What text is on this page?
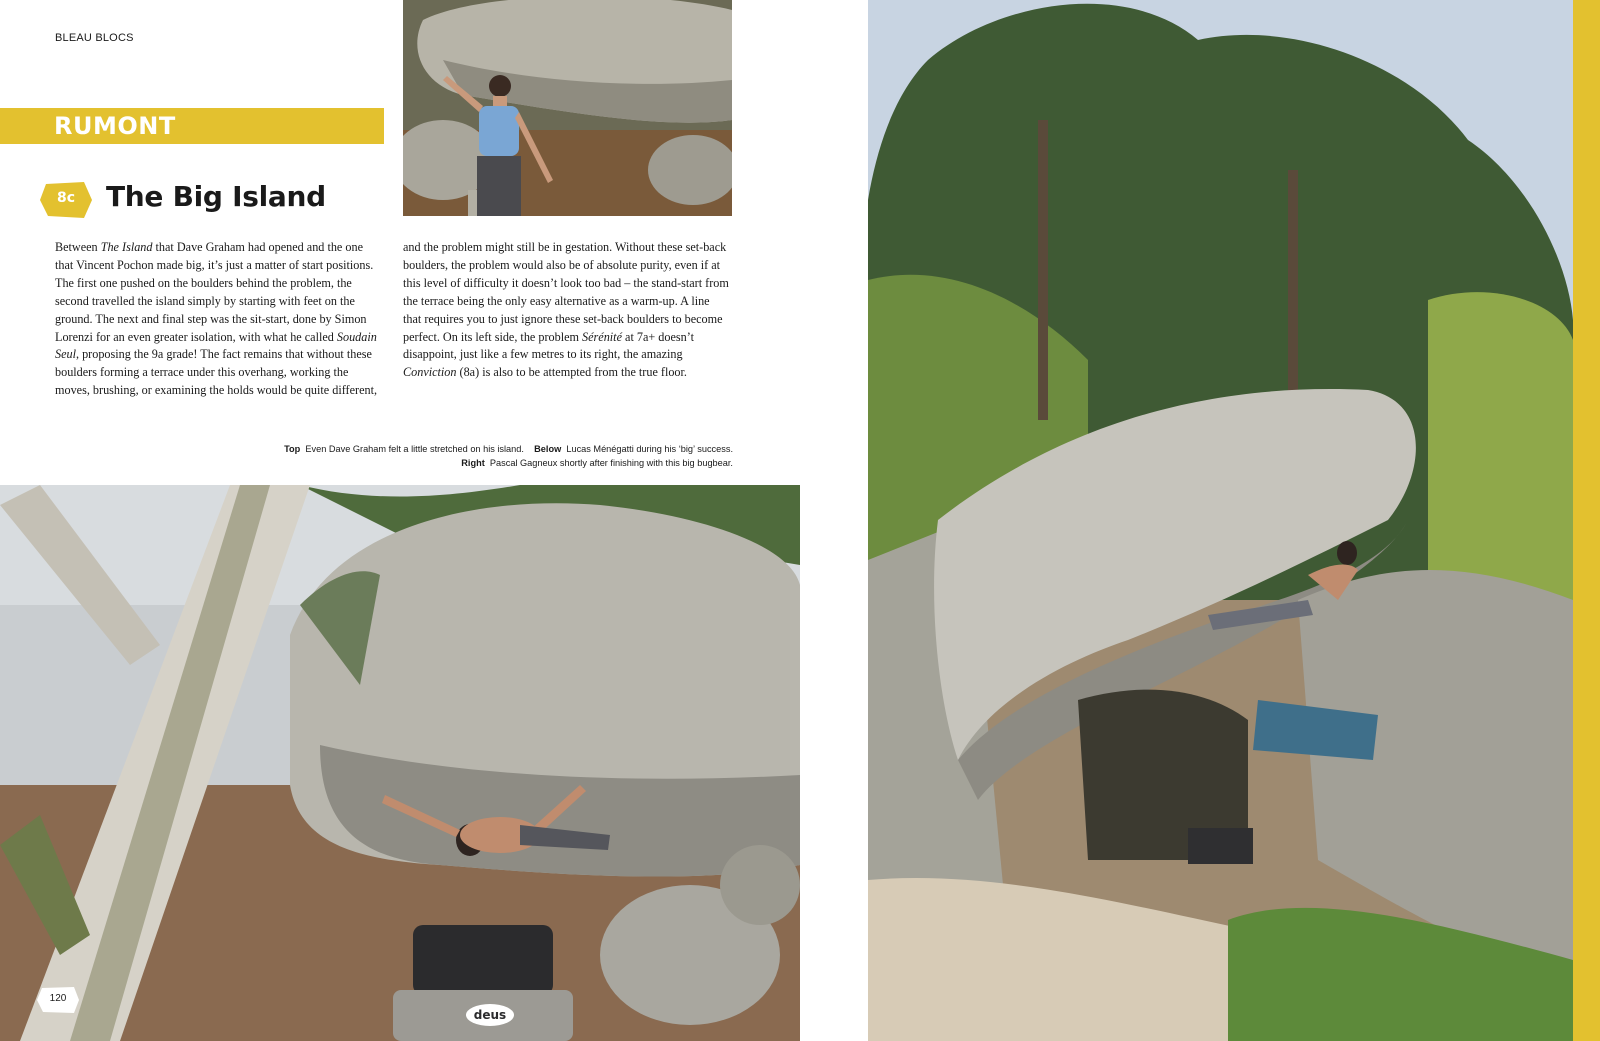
BLEAU BLOCS
RUMONT
8c	The Big Island
Between The Island that Dave Graham had opened and the one that Vincent Pochon made big, it’s just a matter of start positions. The first one pushed on the boulders behind the problem, the second travelled the island simply by starting with feet on the ground. The next and final step was the sit-start, done by Simon Lorenzi for an even greater isolation, with what he called Soudain Seul, proposing the 9a grade! The fact remains that without these boulders forming a terrace under this overhang, working the moves, brushing, or examining the holds would be quite different,
and the problem might still be in gestation. Without these set-back boulders, the problem would also be of absolute purity, even if at this level of difficulty it doesn’t look too bad – the stand-start from the terrace being the only easy alternative as a warm-up. A line that requires you to just ignore these set-back boulders to become perfect. On its left side, the problem Sérénité at 7a+ doesn’t disappoint, just like a few metres to its right, the amazing Conviction (8a) is also to be attempted from the true floor.
Top Even Dave Graham felt a little stretched on his island. Below Lucas Ménégatti during his ‘big’ success.
Right Pascal Gagneux shortly after finishing with this big bugbear.
deus
120
